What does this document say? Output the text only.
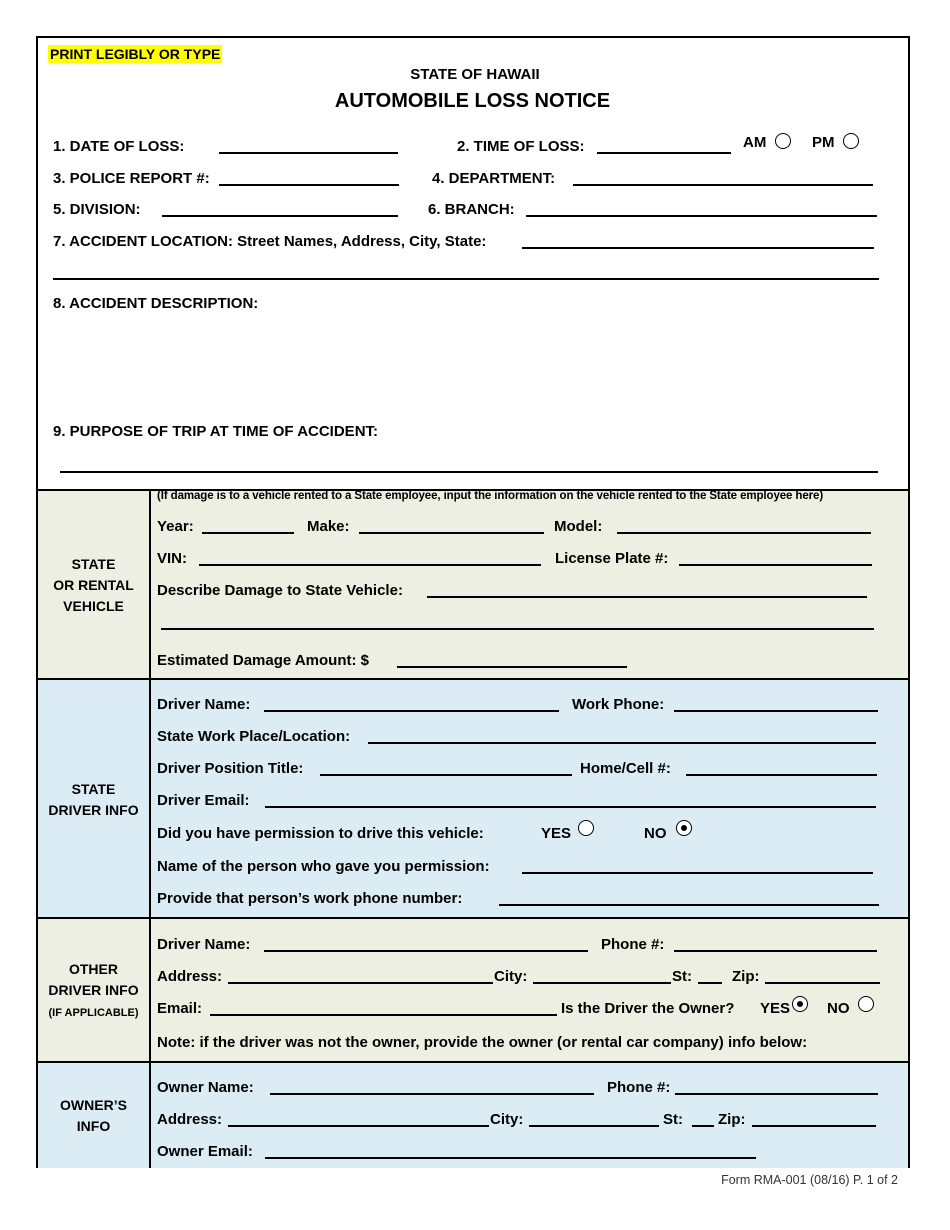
PRINT LEGIBLY OR TYPE
STATE OF HAWAII
AUTOMOBILE LOSS NOTICE
1. DATE OF LOSS:	2. TIME OF LOSS:	AM	PM
3. POLICE REPORT #:	4. DEPARTMENT:
5. DIVISION:	6. BRANCH:
7. ACCIDENT LOCATION: Street Names, Address, City, State:
8. ACCIDENT DESCRIPTION:
9. PURPOSE OF TRIP AT TIME OF ACCIDENT:
STATE
OR RENTAL
VEHICLE
(If damage is to a vehicle rented to a State employee, input the information on the vehicle rented to the State employee here)
Year:	Make:	Model:
VIN:	License Plate #:
Describe Damage to State Vehicle:
Estimated Damage Amount: $
STATE
DRIVER INFO
Driver Name:	Work Phone:
State Work Place/Location:
Driver Position Title:	Home/Cell #:
Driver Email:
Did you have permission to drive this vehicle:	YES	NO
Name of the person who gave you permission:
Provide that person’s work phone number:
OTHER
DRIVER INFO
(IF APPLICABLE)
Driver Name:	Phone #:
Address:	City:	St:	Zip:
Email:	Is the Driver the Owner? YES NO
Note: if the driver was not the owner, provide the owner (or rental car company) info below:
OWNER’S
INFO
Owner Name:	Phone #:
Address:	City:	St: Zip:
Owner Email:
Form RMA-001 (08/16) P. 1 of 2
